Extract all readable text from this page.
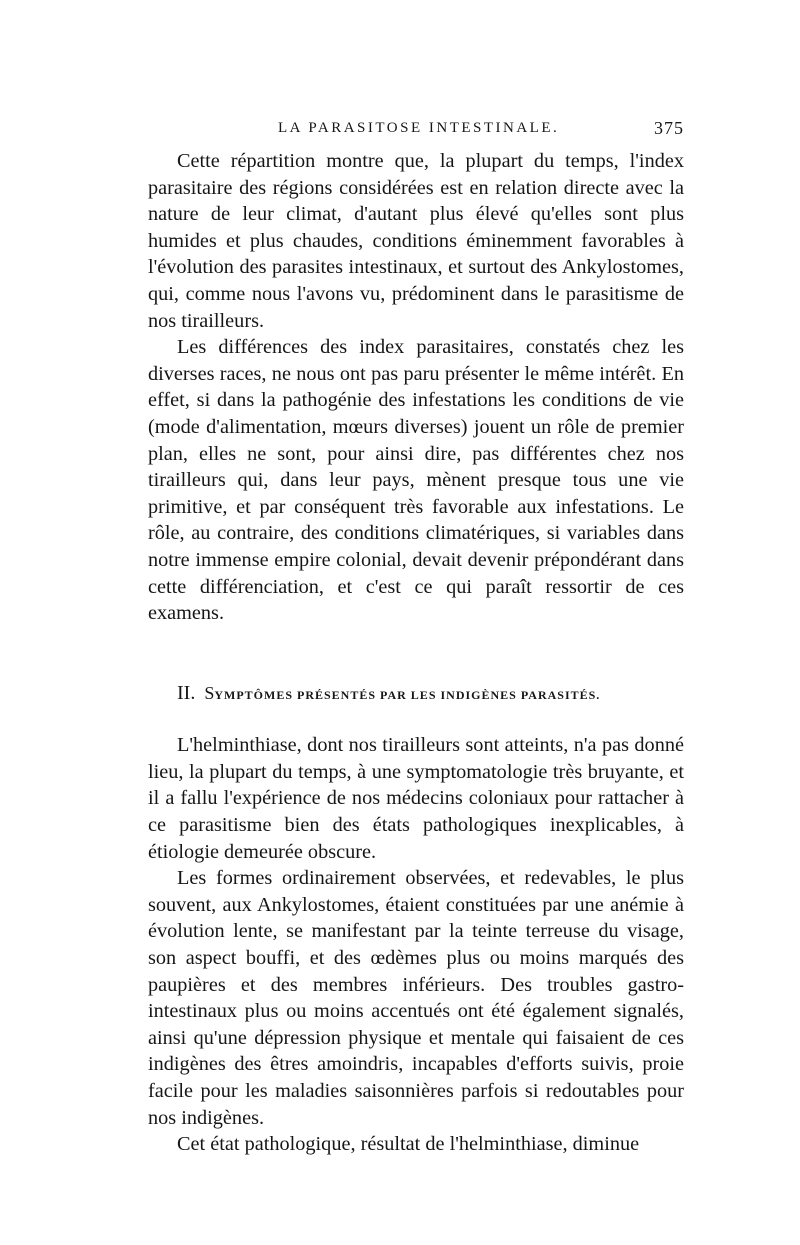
LA PARASITOSE INTESTINALE.	375

Cette répartition montre que, la plupart du temps, l'index parasitaire des régions considérées est en relation directe avec la nature de leur climat, d'autant plus élevé qu'elles sont plus humides et plus chaudes, conditions éminemment favorables à l'évolution des parasites intestinaux, et surtout des Ankylostomes, qui, comme nous l'avons vu, prédominent dans le parasitisme de nos tirailleurs.

Les différences des index parasitaires, constatés chez les diverses races, ne nous ont pas paru présenter le même intérêt. En effet, si dans la pathogénie des infestations les conditions de vie (mode d'alimentation, mœurs diverses) jouent un rôle de premier plan, elles ne sont, pour ainsi dire, pas différentes chez nos tirailleurs qui, dans leur pays, mènent presque tous une vie primitive, et par conséquent très favorable aux infestations. Le rôle, au contraire, des conditions climatériques, si variables dans notre immense empire colonial, devait devenir prépondérant dans cette différenciation, et c'est ce qui paraît ressortir de ces examens.

II. SYMPTÔMES PRÉSENTÉS PAR LES INDIGÈNES PARASITÉS.

L'helminthiase, dont nos tirailleurs sont atteints, n'a pas donné lieu, la plupart du temps, à une symptomatologie très bruyante, et il a fallu l'expérience de nos médecins coloniaux pour rattacher à ce parasitisme bien des états pathologiques inexplicables, à étiologie demeurée obscure.

Les formes ordinairement observées, et redevables, le plus souvent, aux Ankylostomes, étaient constituées par une anémie à évolution lente, se manifestant par la teinte terreuse du visage, son aspect bouffi, et des œdèmes plus ou moins marqués des paupières et des membres inférieurs. Des troubles gastro-intestinaux plus ou moins accentués ont été également signalés, ainsi qu'une dépression physique et mentale qui faisaient de ces indigènes des êtres amoindris, incapables d'efforts suivis, proie facile pour les maladies saisonnières parfois si redoutables pour nos indigènes.

Cet état pathologique, résultat de l'helminthiase, diminue
